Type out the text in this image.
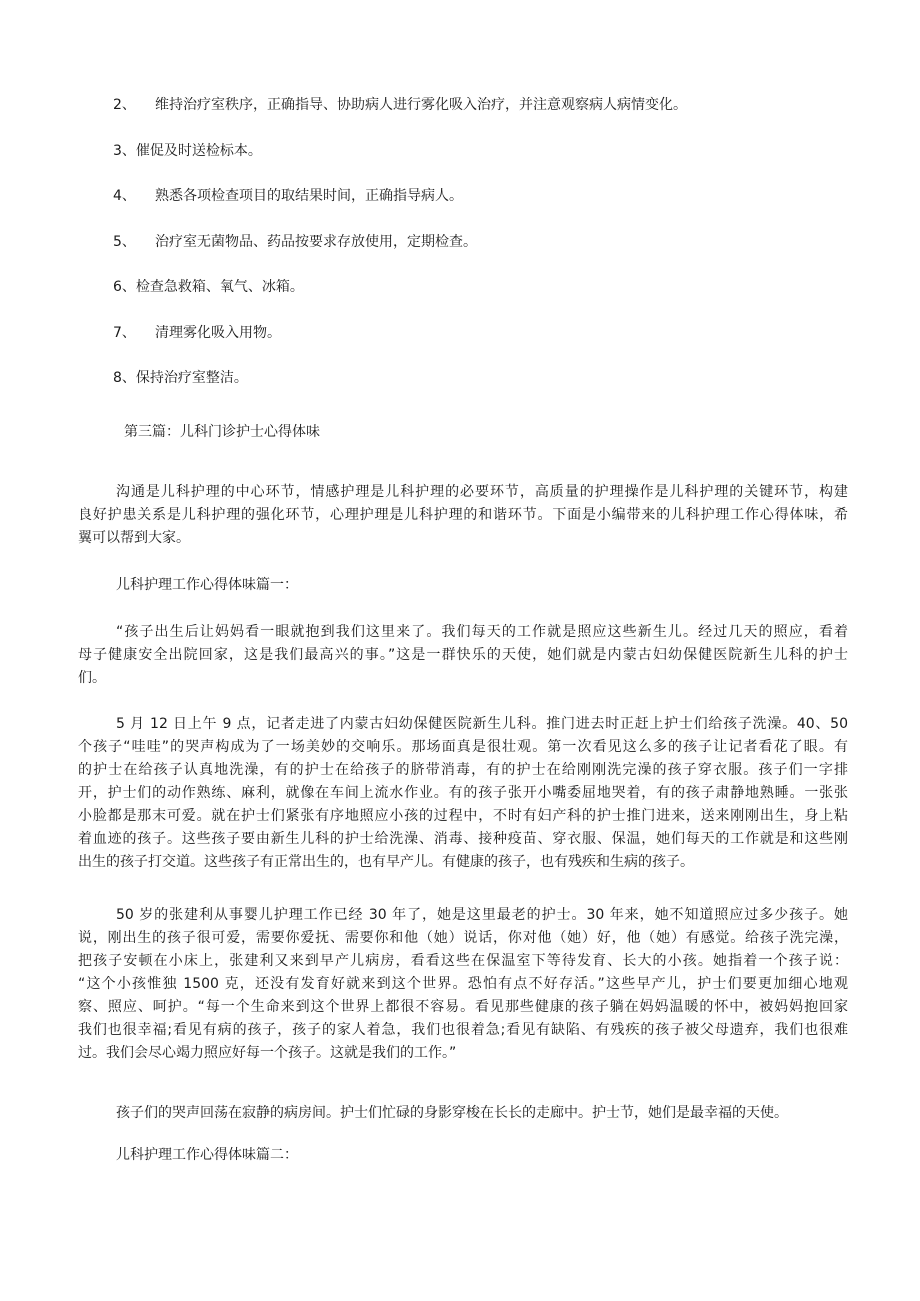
2、 维持治疗室秩序，正确指导、协助病人进行雾化吸入治疗，并注意观察病人病情变化。
3、催促及时送检标本。
4、 熟悉各项检查项目的取结果时间，正确指导病人。
5、 治疗室无菌物品、药品按要求存放使用，定期检查。
6、检查急救箱、氧气、冰箱。
7、 清理雾化吸入用物。
8、保持治疗室整洁。
第三篇：儿科门诊护士心得体味
沟通是儿科护理的中心环节，情感护理是儿科护理的必要环节，高质量的护理操作是儿科护理的关键环节，构建
良好护患关系是儿科护理的强化环节，心理护理是儿科护理的和谐环节。下面是小编带来的儿科护理工作心得体味，希
翼可以帮到大家。
儿科护理工作心得体味篇一：
“孩子出生后让妈妈看一眼就抱到我们这里来了。我们每天的工作就是照应这些新生儿。经过几天的照应，看着
母子健康安全出院回家，这是我们最高兴的事。”这是一群快乐的天使，她们就是内蒙古妇幼保健医院新生儿科的护士
们。
5 月 12 日上午 9 点，记者走进了内蒙古妇幼保健医院新生儿科。推门进去时正赶上护士们给孩子洗澡。40、50
个孩子“哇哇”的哭声构成为了一场美妙的交响乐。那场面真是很壮观。第一次看见这么多的孩子让记者看花了眼。有
的护士在给孩子认真地洗澡，有的护士在给孩子的脐带消毒，有的护士在给刚刚洗完澡的孩子穿衣服。孩子们一字排
开，护士们的动作熟练、麻利，就像在车间上流水作业。有的孩子张开小嘴委屈地哭着，有的孩子肃静地熟睡。一张张
小脸都是那末可爱。就在护士们紧张有序地照应小孩的过程中，不时有妇产科的护士推门进来，送来刚刚出生，身上粘
着血迹的孩子。这些孩子要由新生儿科的护士给洗澡、消毒、接种疫苗、穿衣服、保温，她们每天的工作就是和这些刚
出生的孩子打交道。这些孩子有正常出生的，也有早产儿。有健康的孩子，也有残疾和生病的孩子。
50 岁的张建利从事婴儿护理工作已经 30 年了，她是这里最老的护士。30 年来，她不知道照应过多少孩子。她
说，刚出生的孩子很可爱，需要你爱抚、需要你和他（她）说话，你对他（她）好，他（她）有感觉。给孩子洗完澡，
把孩子安顿在小床上，张建利又来到早产儿病房，看看这些在保温室下等待发育、长大的小孩。她指着一个孩子说：
“这个小孩惟独 1500 克，还没有发育好就来到这个世界。恐怕有点不好存活。”这些早产儿，护士们要更加细心地观
察、照应、呵护。“每一个生命来到这个世界上都很不容易。看见那些健康的孩子躺在妈妈温暖的怀中，被妈妈抱回家
我们也很幸福;看见有病的孩子，孩子的家人着急，我们也很着急;看见有缺陷、有残疾的孩子被父母遗弃，我们也很难
过。我们会尽心竭力照应好每一个孩子。这就是我们的工作。”
孩子们的哭声回荡在寂静的病房间。护士们忙碌的身影穿梭在长长的走廊中。护士节，她们是最幸福的天使。
儿科护理工作心得体味篇二：
